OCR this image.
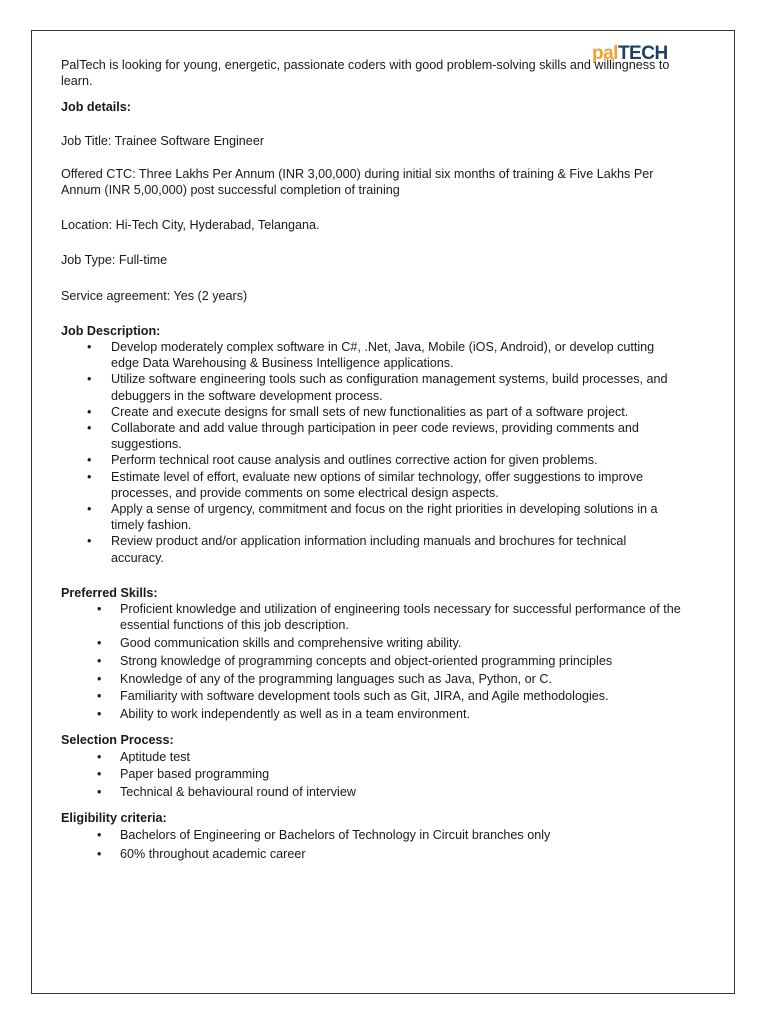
palTECH

PalTech is looking for young, energetic, passionate coders with good problem-solving skills and willingness to learn.

Job details:

Job Title: Trainee Software Engineer

Offered CTC: Three Lakhs Per Annum (INR 3,00,000) during initial six months of training & Five Lakhs Per Annum (INR 5,00,000) post successful completion of training

Location: Hi-Tech City, Hyderabad, Telangana.

Job Type: Full-time

Service agreement: Yes (2 years)

Job Description:

• Develop moderately complex software in C#, .Net, Java, Mobile (iOS, Android), or develop cutting edge Data Warehousing & Business Intelligence applications.
• Utilize software engineering tools such as configuration management systems, build processes, and debuggers in the software development process.
• Create and execute designs for small sets of new functionalities as part of a software project.
• Collaborate and add value through participation in peer code reviews, providing comments and suggestions.
• Perform technical root cause analysis and outlines corrective action for given problems.
• Estimate level of effort, evaluate new options of similar technology, offer suggestions to improve processes, and provide comments on some electrical design aspects.
• Apply a sense of urgency, commitment and focus on the right priorities in developing solutions in a timely fashion.
• Review product and/or application information including manuals and brochures for technical accuracy.

Preferred Skills:

• Proficient knowledge and utilization of engineering tools necessary for successful performance of the essential functions of this job description.
• Good communication skills and comprehensive writing ability.
• Strong knowledge of programming concepts and object-oriented programming principles
• Knowledge of any of the programming languages such as Java, Python, or C.
• Familiarity with software development tools such as Git, JIRA, and Agile methodologies.
• Ability to work independently as well as in a team environment.

Selection Process:

• Aptitude test
• Paper based programming
• Technical & behavioural round of interview

Eligibility criteria:

• Bachelors of Engineering or Bachelors of Technology in Circuit branches only
• 60% throughout academic career
